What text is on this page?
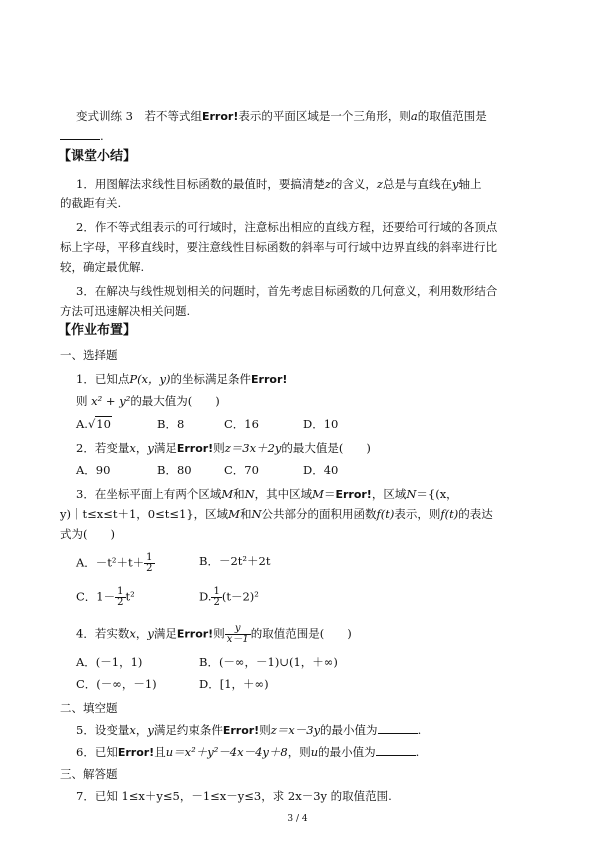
变式训练 3　若不等式组Error!表示的平面区域是一个三角形，则a的取值范围是
.
【课堂小结】
1．用图解法求线性目标函数的最值时，要搞清楚z的含义，z总是与直线在y轴上
的截距有关.
2．作不等式组表示的可行域时，注意标出相应的直线方程，还要给可行域的各顶点
标上字母，平移直线时，要注意线性目标函数的斜率与可行域中边界直线的斜率进行比
较，确定最优解.
3．在解决与线性规划相关的问题时，首先考虑目标函数的几何意义，利用数形结合
方法可迅速解决相关问题.
【作业布置】
一、选择题
1．已知点P(x，y)的坐标满足条件Error!
则 x² + y²的最大值为(　　)
A.√10	B．8	C．16	D．10
2．若变量x，y满足Error!则z＝3x＋2y的最大值是(　　)
A．90	B．80	C．70	D．40
3．在坐标平面上有两个区域M和N，其中区域M＝Error!，区域N＝{(x，
y)｜t≤x≤t＋1，0≤t≤1}，区域M和N公共部分的面积用函数f(t)表示，则f(t)的表达
式为(　　)
A．$-t^2+t+ \frac{1}{2}$	B．－2t²＋2t
C．$1- \frac{1}{2} t^2$	D. $\frac{1}{2} (t-2)^2$
4．若实数x，y满足Error!则 $\frac{y}{x-1}$ 的取值范围是(　　)
A．(－1，1)	B．(－∞，－1)∪(1，＋∞)
C．(－∞，－1)	D．[1，＋∞)
二、填空题
5．设变量x，y满足约束条件Error!则z＝x－3y的最小值为	.
6．已知Error!且u＝x²＋y²－4x－4y＋8，则u的最小值为	.
三、解答题
7．已知 1≤x＋y≤5，－1≤x－y≤3，求 2x－3y 的取值范围.
3 / 4
